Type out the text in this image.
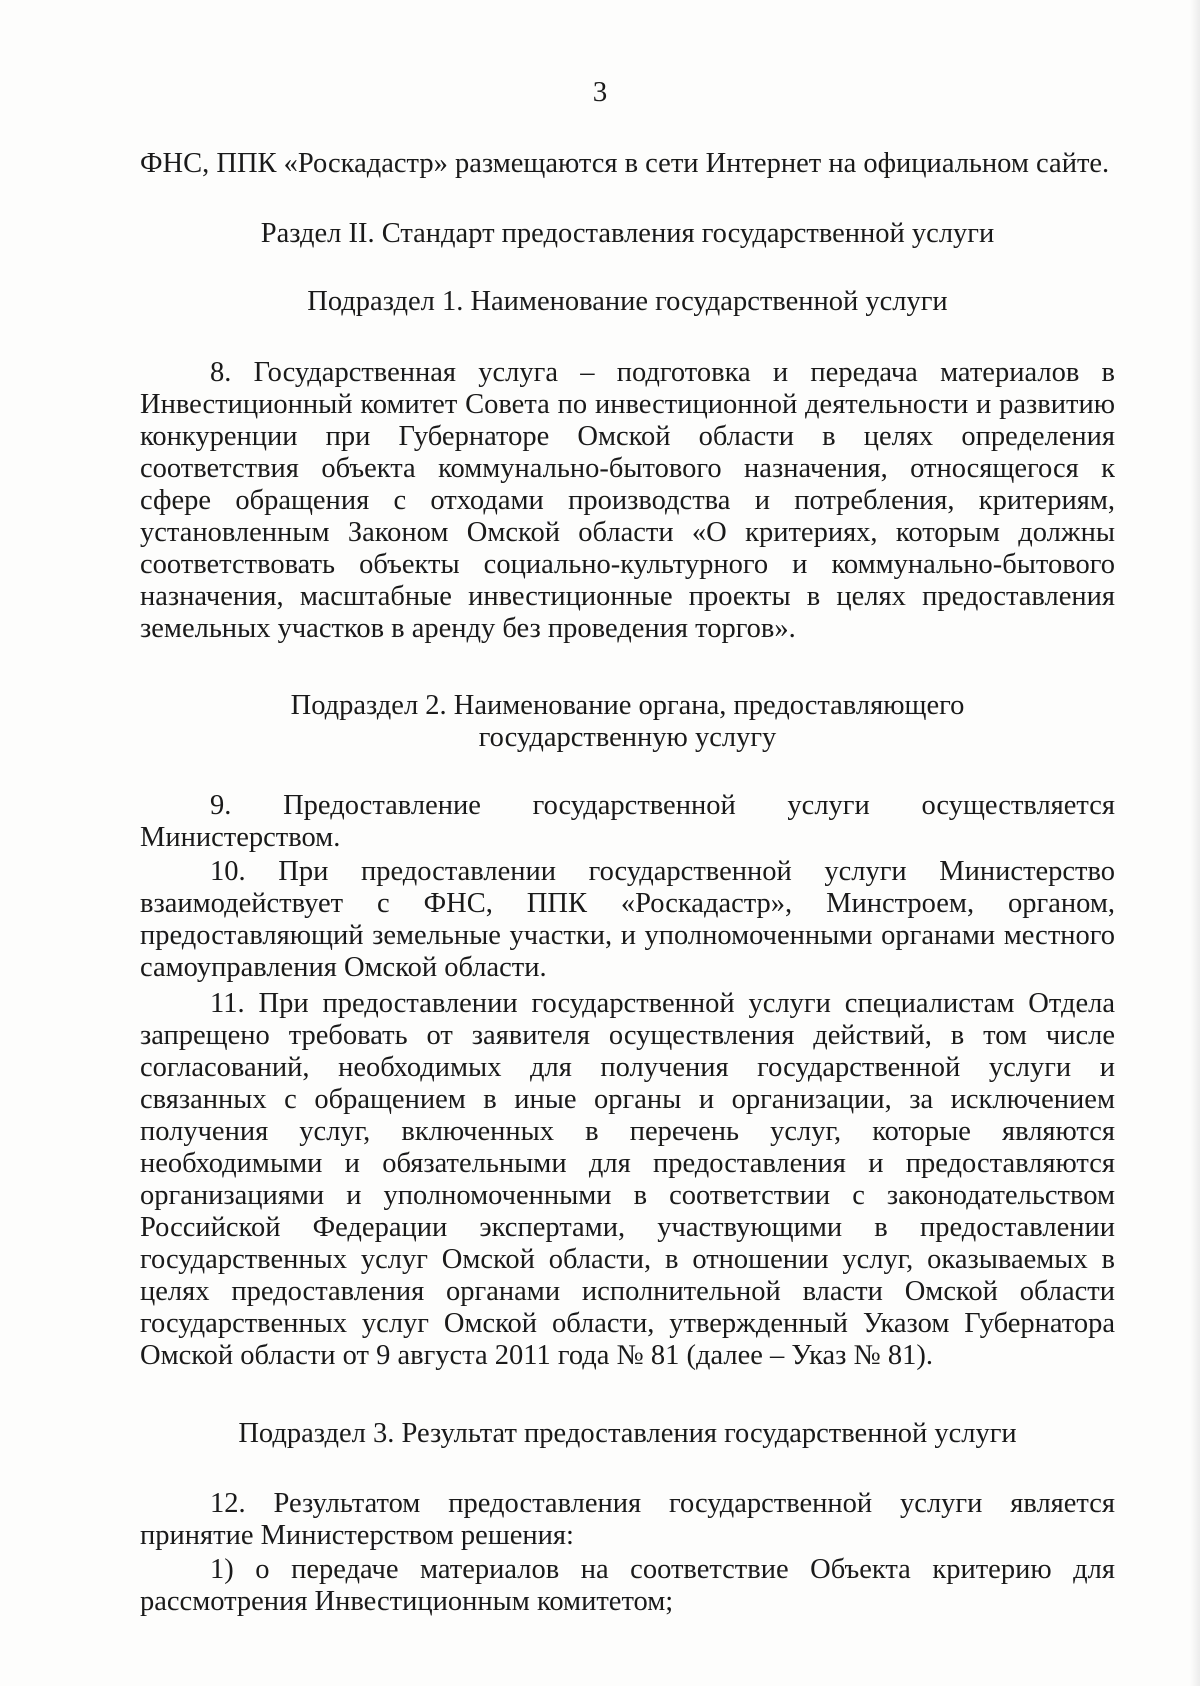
3
ФНС, ППК «Роскадастр» размещаются в сети Интернет на официальном сайте.
Раздел II. Стандарт предоставления государственной услуги
Подраздел 1. Наименование государственной услуги
8. Государственная услуга – подготовка и передача материалов в Инвестиционный комитет Совета по инвестиционной деятельности и развитию конкуренции при Губернаторе Омской области в целях определения соответствия объекта коммунально-бытового назначения, относящегося к сфере обращения с отходами производства и потребления, критериям, установленным Законом Омской области «О критериях, которым должны соответствовать объекты социально-культурного и коммунально-бытового назначения, масштабные инвестиционные проекты в целях предоставления земельных участков в аренду без проведения торгов».
Подраздел 2. Наименование органа, предоставляющего
государственную услугу
9. Предоставление государственной услуги осуществляется Министерством.
10. При предоставлении государственной услуги Министерство взаимодействует с ФНС, ППК «Роскадастр», Минстроем, органом, предоставляющий земельные участки, и уполномоченными органами местного самоуправления Омской области.
11. При предоставлении государственной услуги специалистам Отдела запрещено требовать от заявителя осуществления действий, в том числе согласований, необходимых для получения государственной услуги и связанных с обращением в иные органы и организации, за исключением получения услуг, включенных в перечень услуг, которые являются необходимыми и обязательными для предоставления и предоставляются организациями и уполномоченными в соответствии с законодательством Российской Федерации экспертами, участвующими в предоставлении государственных услуг Омской области, в отношении услуг, оказываемых в целях предоставления органами исполнительной власти Омской области государственных услуг Омской области, утвержденный Указом Губернатора Омской области от 9 августа 2011 года № 81 (далее – Указ № 81).
Подраздел 3. Результат предоставления государственной услуги
12. Результатом предоставления государственной услуги является принятие Министерством решения:
1) о передаче материалов на соответствие Объекта критерию для рассмотрения Инвестиционным комитетом;
